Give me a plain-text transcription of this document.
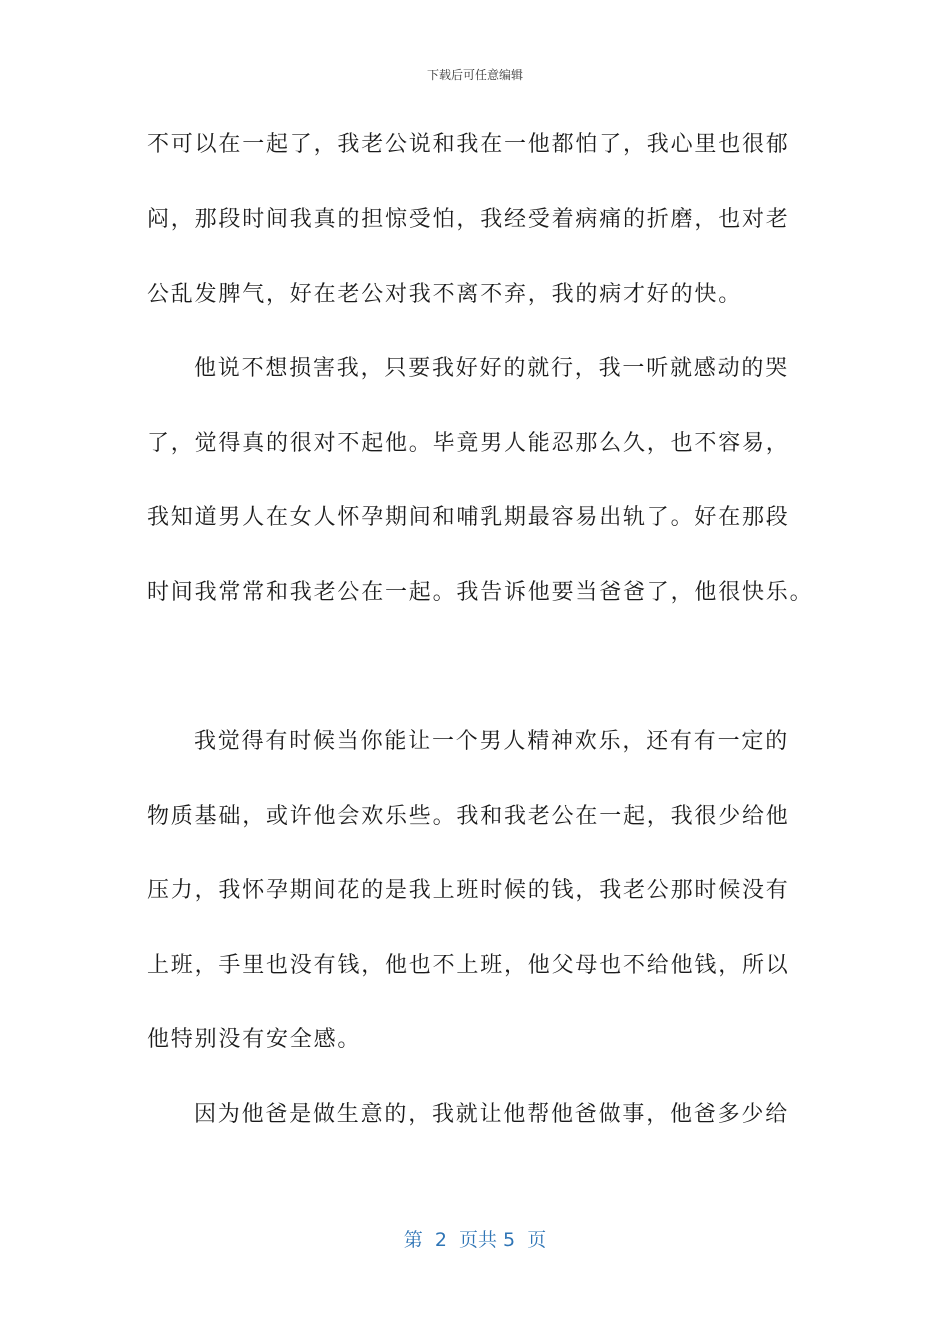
下载后可任意编辑
不可以在一起了，我老公说和我在一他都怕了，我心里也很郁
闷，那段时间我真的担惊受怕，我经受着病痛的折磨，也对老
公乱发脾气，好在老公对我不离不弃，我的病才好的快。
他说不想损害我，只要我好好的就行，我一听就感动的哭
了，觉得真的很对不起他。毕竟男人能忍那么久，也不容易，
我知道男人在女人怀孕期间和哺乳期最容易出轨了。好在那段
时间我常常和我老公在一起。我告诉他要当爸爸了，他很快乐。
我觉得有时候当你能让一个男人精神欢乐，还有有一定的
物质基础，或许他会欢乐些。我和我老公在一起，我很少给他
压力，我怀孕期间花的是我上班时候的钱，我老公那时候没有
上班，手里也没有钱，他也不上班，他父母也不给他钱，所以
他特别没有安全感。
因为他爸是做生意的，我就让他帮他爸做事，他爸多少给
第  2  页共 5  页
